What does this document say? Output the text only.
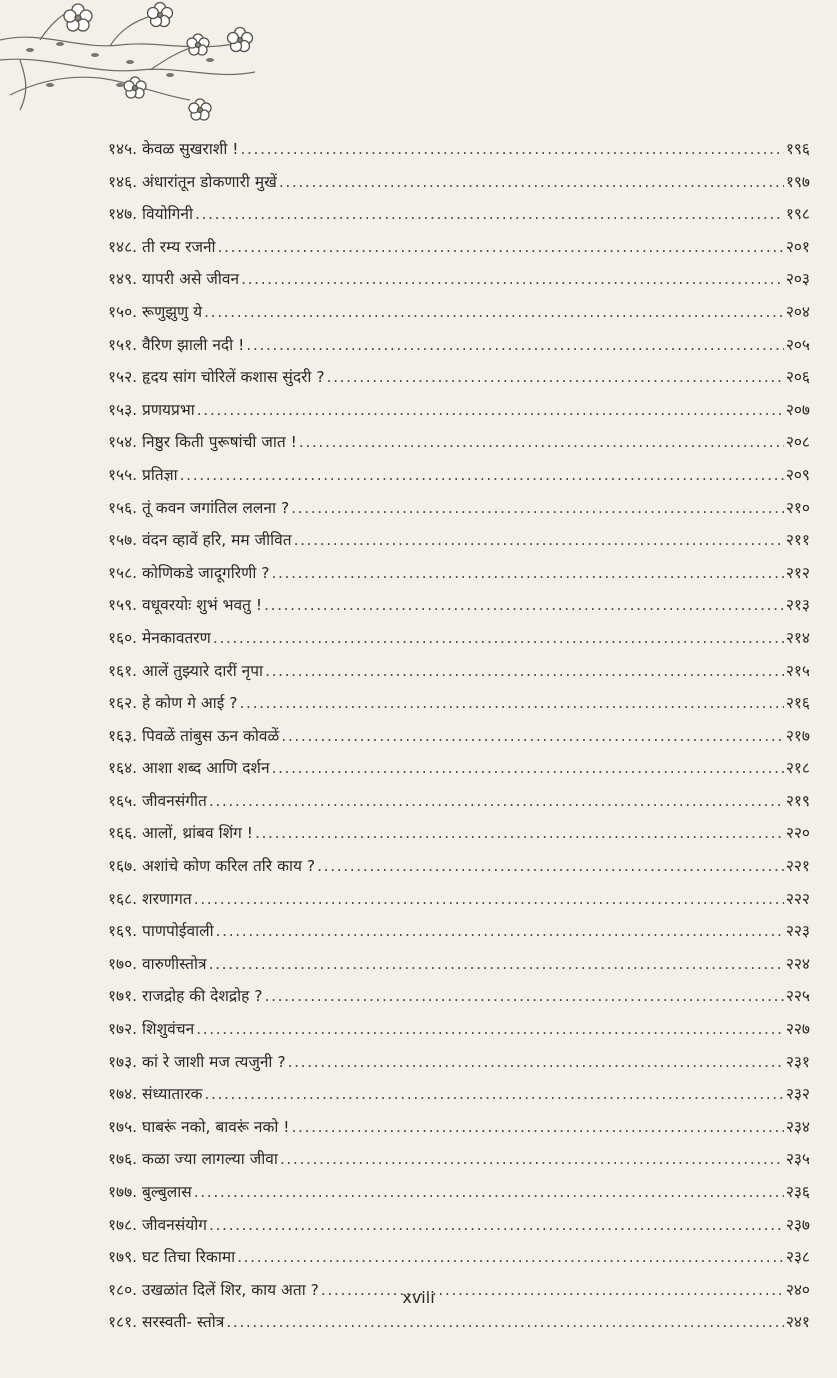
१४५. केवळ सुखराशी ! .....	१९६
१४६. अंधारांतून डोकणारी मुखें .....	१९७
१४७. वियोगिनी .....	१९८
१४८. ती रम्य रजनी .....	२०१
१४९. यापरी असे जीवन .....	२०३
१५०. रूणुझुणु ये .....	२०४
१५१. वैरिण झाली नदी ! .....	२०५
१५२. हृदय सांग चोरिलें कशास सुंदरी ? .....	२०६
१५३. प्रणयप्रभा .....	२०७
१५४. निष्ठुर किती पुरूषांची जात ! .....	२०८
१५५. प्रतिज्ञा .....	२०९
१५६. तूं कवन जगांतिल ललना ? .....	२१०
१५७. वंदन व्हावें हरि, मम जीवित .....	२११
१५८. कोणिकडे जादूगरिणी ? .....	२१२
१५९. वधूवरयोः शुभं भवतु ! .....	२१३
१६०. मेनकावतरण .....	२१४
१६१. आलें तुझ्यारे दारीं नृपा .....	२१५
१६२. हे कोण गे आई ? .....	२१६
१६३. पिवळें तांबुस ऊन कोवळें .....	२१७
१६४. आशा शब्द आणि दर्शन .....	२१८
१६५. जीवनसंगीत .....	२१९
१६६. आलों, थ्रांबव शिंग ! .....	२२०
१६७. अशांचे कोण करिल तरि काय ? .....	२२१
१६८. शरणागत .....	२२२
१६९. पाणपोईवाली .....	२२३
१७०. वारुणीस्तोत्र .....	२२४
१७१. राजद्रोह की देशद्रोह ? .....	२२५
१७२. शिशुवंचन .....	२२७
१७३. कां रे जाशी मज त्यजुनी ? .....	२३१
१७४. संध्यातारक .....	२३२
१७५. घाबरूं नको, बावरूं नको ! .....	२३४
१७६. कळा ज्या लागल्या जीवा .....	२३५
१७७. बुल्बुलास .....	२३६
१७८. जीवनसंयोग .....	२३७
१७९. घट तिचा रिकामा .....	२३८
१८०. उखळांत दिलें शिर, काय अता ? .....	२४०
१८१. सरस्वती- स्तोत्र .....	२४१
xviii
